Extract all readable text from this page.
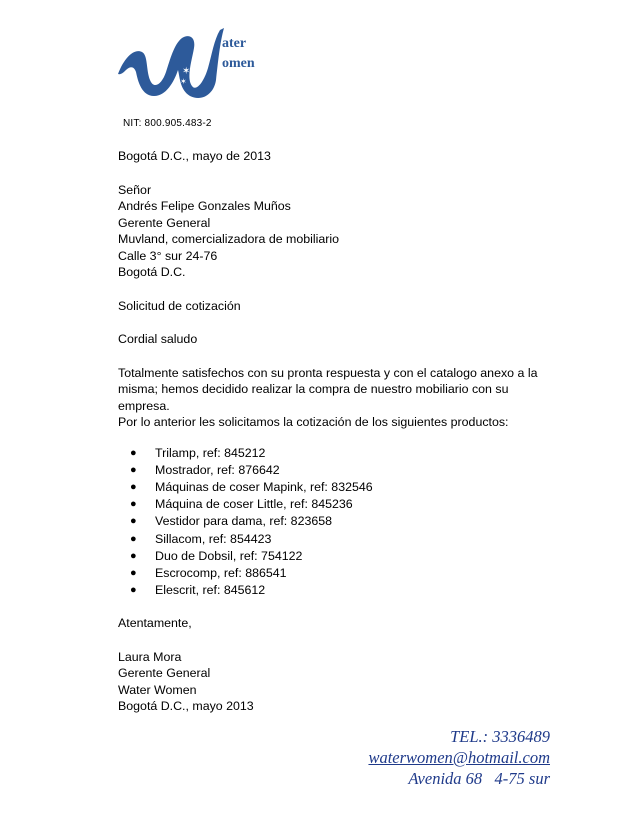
✶
✶
✶
ater
omen
NIT: 800.905.483-2
Bogotá D.C., mayo de 2013
Señor
Andrés Felipe Gonzales Muños
Gerente General
Muvland, comercializadora de mobiliario
Calle 3° sur 24-76
Bogotá D.C.
Solicitud de cotización
Cordial saludo
Totalmente satisfechos con su pronta respuesta y con el catalogo anexo a la misma; hemos decidido realizar la compra de nuestro mobiliario con su empresa.
Por lo anterior les solicitamos la cotización de los siguientes productos:
● Trilamp, ref: 845212
● Mostrador, ref: 876642
● Máquinas de coser Mapink, ref: 832546
● Máquina de coser Little, ref: 845236
● Vestidor para dama, ref: 823658
● Sillacom, ref: 854423
● Duo de Dobsil, ref: 754122
● Escrocomp, ref: 886541
● Elescrit, ref: 845612
Atentamente,
Laura Mora
Gerente General
Water Women
Bogotá D.C., mayo 2013
TEL.: 3336489
waterwomen@hotmail.com
Avenida 68   4-75 sur
